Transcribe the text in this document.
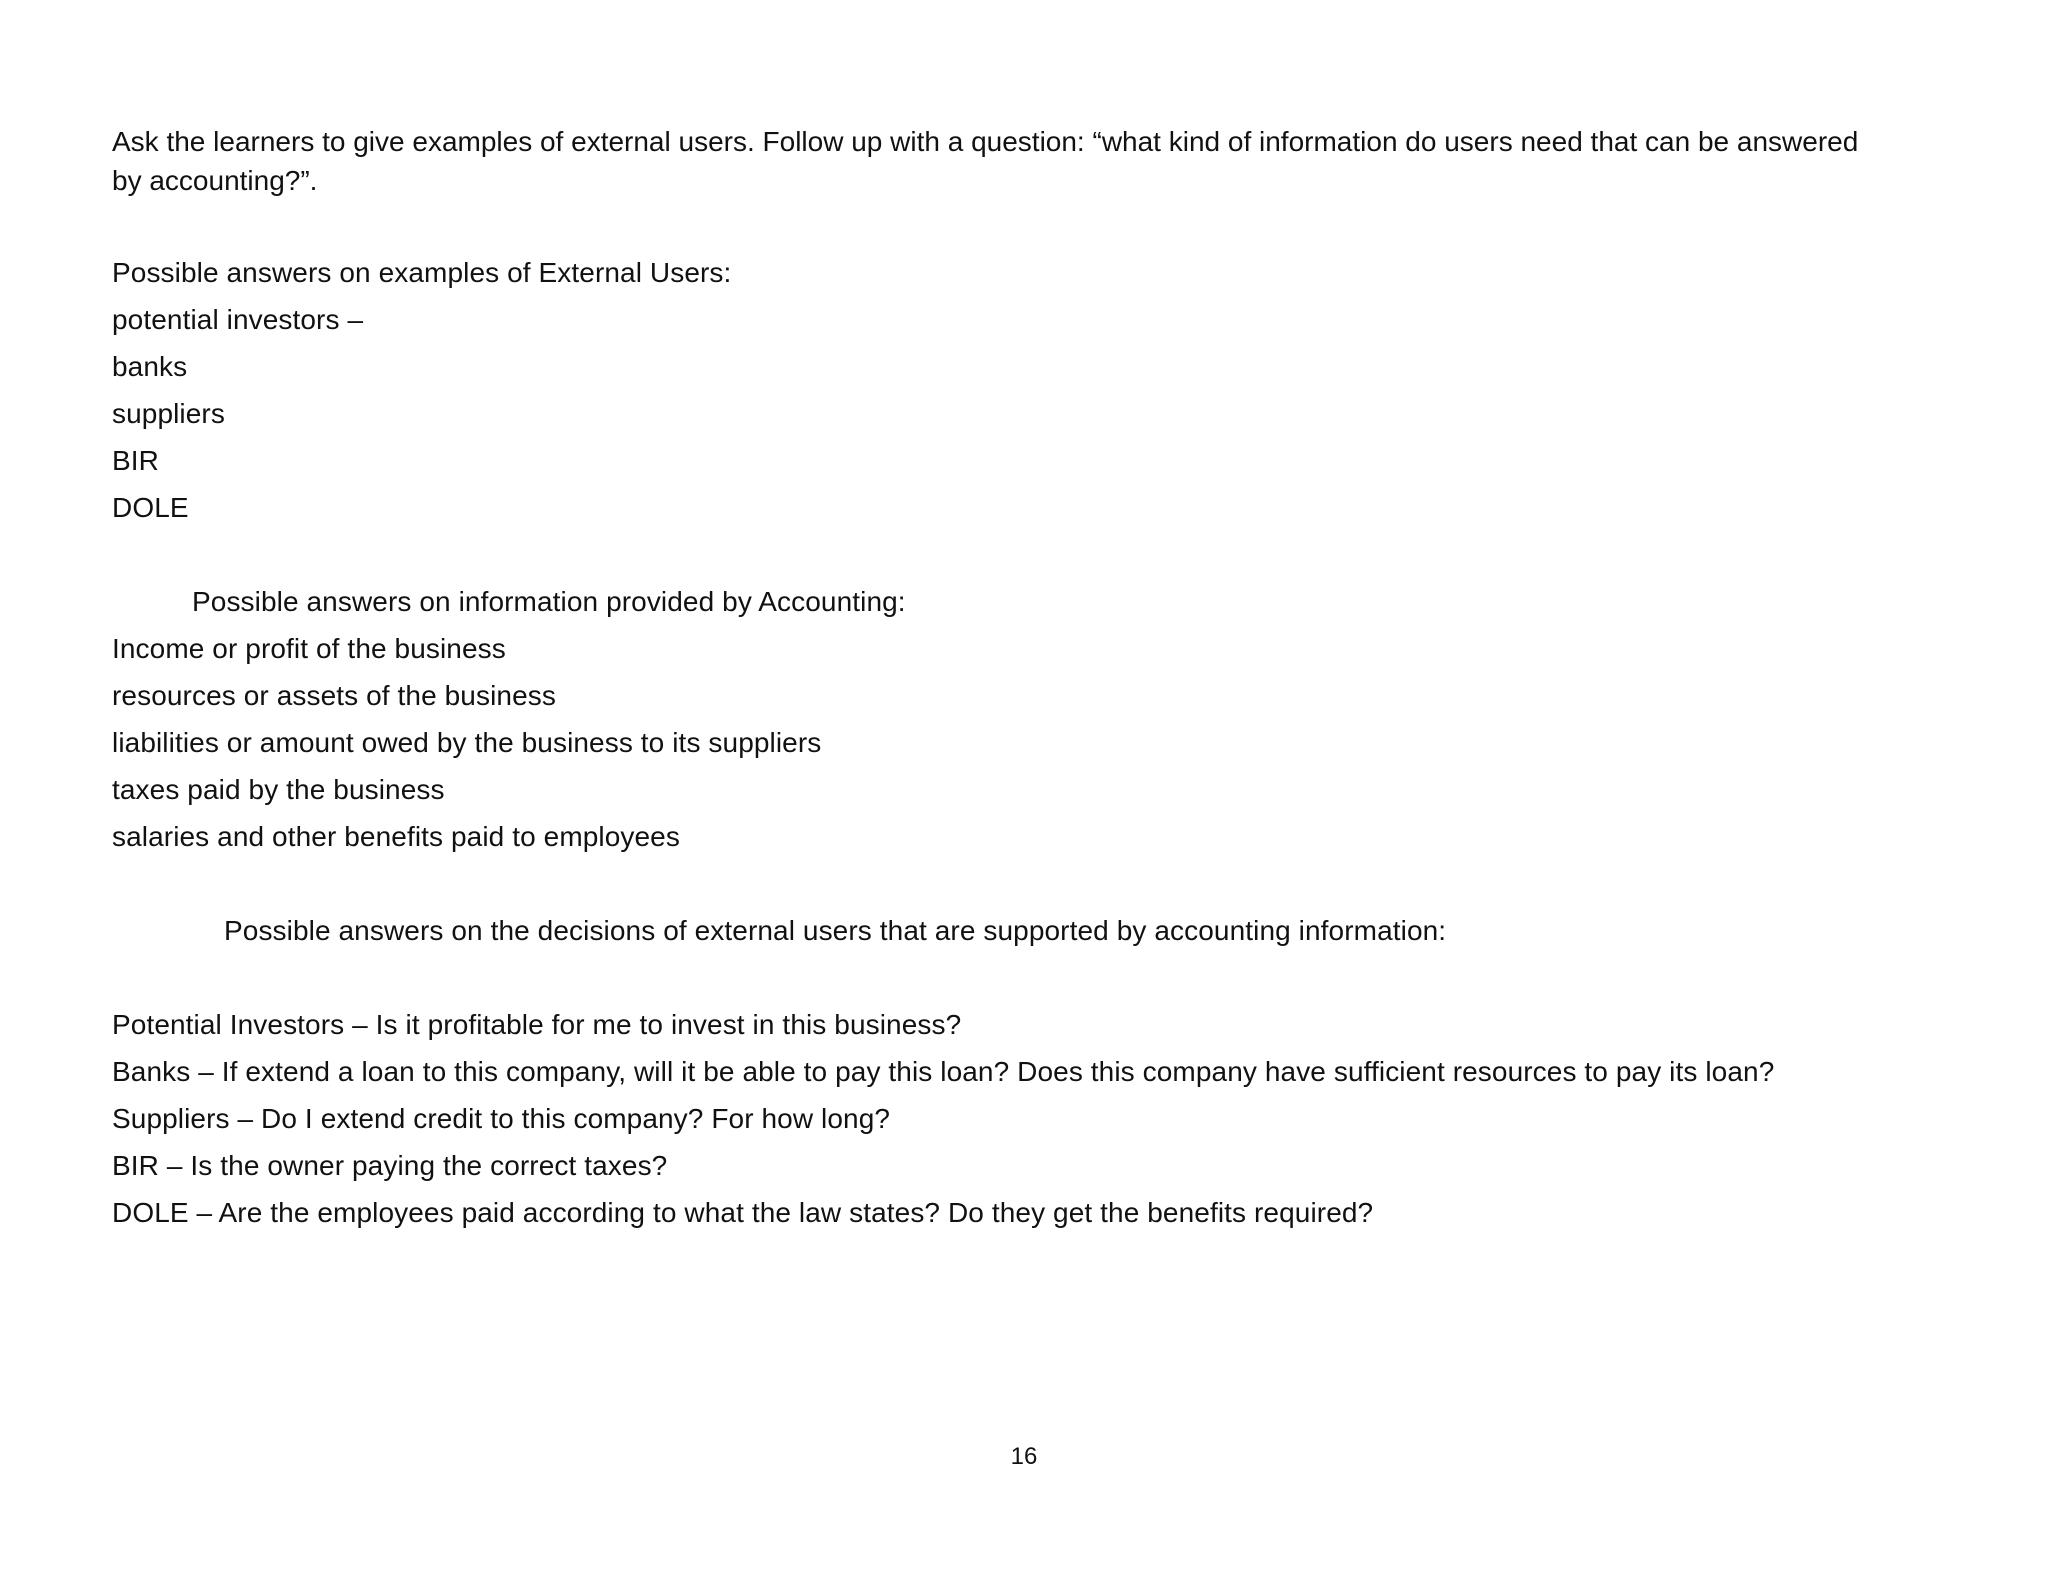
Ask the learners to give examples of external users. Follow up with a question: “what kind of information do users need that can be answered
by accounting?”.
Possible answers on examples of External Users:
potential investors –
banks
suppliers
BIR
DOLE
Possible answers on information provided by Accounting:
Income or profit of the business
resources or assets of the business
liabilities or amount owed by the business to its suppliers
taxes paid by the business
salaries and other benefits paid to employees
Possible answers on the decisions of external users that are supported by accounting information:
Potential Investors – Is it profitable for me to invest in this business?
Banks – If extend a loan to this company, will it be able to pay this loan? Does this company have sufficient resources to pay its loan?
Suppliers – Do I extend credit to this company? For how long?
BIR – Is the owner paying the correct taxes?
DOLE – Are the employees paid according to what the law states? Do they get the benefits required?
16
